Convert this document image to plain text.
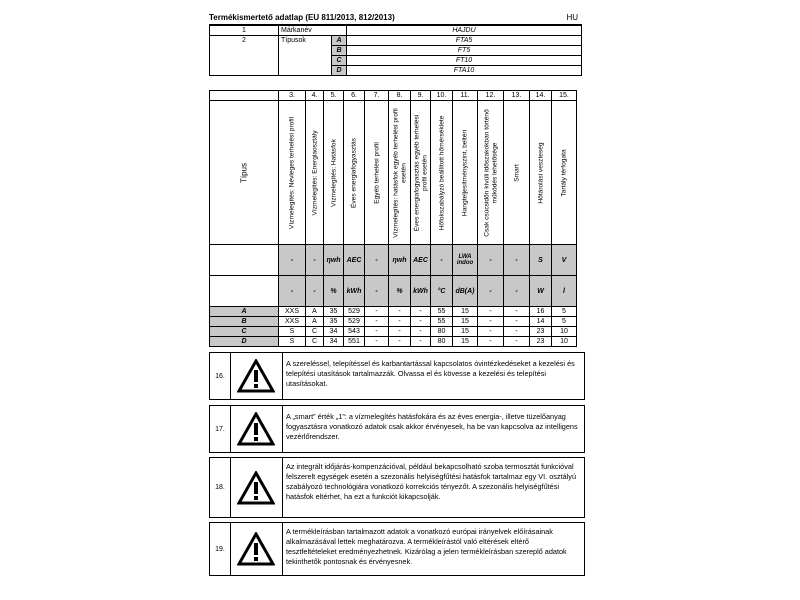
Termékismertető adatlap (EU 811/2013, 812/2013)	HU
1	Márkanév		HAJDU
2	Típusok	A	FTA5
		B	FT5
		C	FT10
		D	FTA10
	3.	4.	5.	6.	7.	8.	9.	10.	11.	12.	13.	14.	15.

Típus	Vízmelegítés: Névleges terhelési profil	Vízmelegítés: Energiaosztály	Vízmelegítés: Hatásfok	Éves energiafogyasztás	Egyéb terhelési profil	Vízmelegítés: hatásfok egyéb terhelési profil esetén	Éves energiafogyasztás egyéb terhelési profil esetén	Hőfokszabályzó beállított hőmérséklete	Hangteljesítményszint, beltéri	Csak csúcsidőn kívüli időszakokban történő működés lehetősége	Smart	Hőtárolási veszteség	Tartály térfogata

	-	-	ηwh	AEC	-	ηwh	AEC	-	LWA indoo	-	-	S	V
	-	-	%	kWh	-	%	kWh	°C	dB(A)	-	-	W	l
A	XXS	A	35	529	-	-	-	55	15	-	-	16	5
B	XXS	A	35	529	-	-	-	55	15	-	-	14	5
C	S	C	34	543	-	-	-	80	15	-	-	23	10
D	S	C	34	551	-	-	-	80	15	-	-	23	10
16.
A szereléssel, telepítéssel és karbantartással kapcsolatos óvintézkedéseket a kezelési és telepítési utasítások tartalmazzák. Olvassa el és kövesse a kezelési és telepítési utasításokat.
17.
A „smart” érték „1”: a vízmelegítés hatásfokára és az éves energia-, illetve tüzelőanyag fogyasztásra vonatkozó adatok csak akkor érvényesek, ha be van kapcsolva az intelligens vezérlőrendszer.
18.
Az integrált időjárás-kompenzációval, például bekapcsolható szoba termosztát funkcióval felszerelt egységek esetén a szezonális helyiségfűtési hatásfok tartalmaz egy VI. osztályú szabályozó technológiára vonatkozó korrekciós tényezőt. A szezonális helyiségfűtési hatásfok eltérhet, ha ezt a funkciót kikapcsolják.
19.
A termékleírásban tartalmazott adatok a vonatkozó európai irányelvek előírásainak alkalmazásával lettek meghatározva. A termékleírástól való eltérések eltérő tesztfeltételeket eredményezhetnek. Kizárólag a jelen termékleírásban szereplő adatok tekinthetők pontosnak és érvényesnek.
